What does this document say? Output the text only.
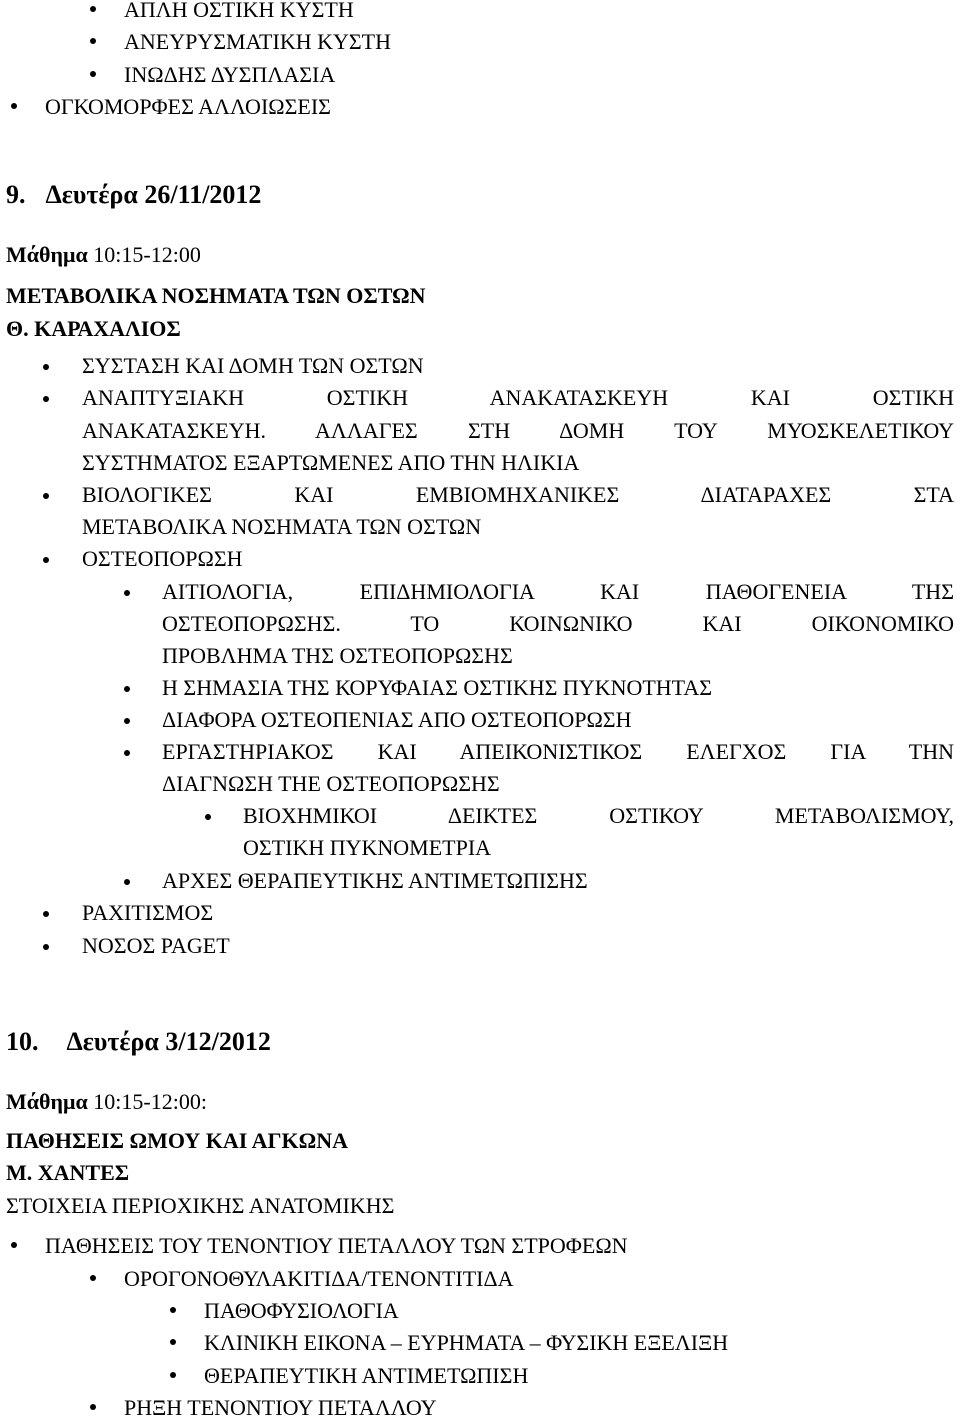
ΑΠΛΗ ΟΣΤΙΚΗ ΚΥΣΤΗ
ΑΝΕΥΡΥΣΜΑΤΙΚΗ ΚΥΣΤΗ
ΙΝΩΔΗΣ ΔΥΣΠΛΑΣΙΑ
ΟΓΚΟΜΟΡΦΕΣ ΑΛΛΟΙΩΣΕΙΣ
9. Δευτέρα 26/11/2012
Μάθημα 10:15-12:00
ΜΕΤΑΒΟΛΙΚΑ ΝΟΣΗΜΑΤΑ ΤΩΝ ΟΣΤΩΝ
Θ. ΚΑΡΑΧΑΛΙΟΣ
ΣΥΣΤΑΣΗ ΚΑΙ ΔΟΜΗ ΤΩΝ ΟΣΤΩΝ
ΑΝΑΠΤΥΞΙΑΚΗ ΟΣΤΙΚΗ ΑΝΑΚΑΤΑΣΚΕΥΗ ΚΑΙ ΟΣΤΙΚΗ
ΑΝΑΚΑΤΑΣΚΕΥΗ. ΑΛΛΑΓΕΣ ΣΤΗ ΔΟΜΗ ΤΟΥ ΜΥΟΣΚΕΛΕΤΙΚΟΥ
ΣΥΣΤΗΜΑΤΟΣ ΕΞΑΡΤΩΜΕΝΕΣ ΑΠΟ ΤΗΝ ΗΛΙΚΙΑ
ΒΙΟΛΟΓΙΚΕΣ ΚΑΙ ΕΜΒΙΟΜΗΧΑΝΙΚΕΣ ΔΙΑΤΑΡΑΧΕΣ ΣΤΑ
ΜΕΤΑΒΟΛΙΚΑ ΝΟΣΗΜΑΤΑ ΤΩΝ ΟΣΤΩΝ
ΟΣΤΕΟΠΟΡΩΣΗ
ΑΙΤΙΟΛΟΓΙΑ, ΕΠΙΔΗΜΙΟΛΟΓΙΑ ΚΑΙ ΠΑΘΟΓΕΝΕΙΑ ΤΗΣ
ΟΣΤΕΟΠΟΡΩΣΗΣ. ΤΟ ΚΟΙΝΩΝΙΚΟ ΚΑΙ ΟΙΚΟΝΟΜΙΚΟ
ΠΡΟΒΛΗΜΑ ΤΗΣ ΟΣΤΕΟΠΟΡΩΣΗΣ
Η ΣΗΜΑΣΙΑ ΤΗΣ ΚΟΡΥΦΑΙΑΣ ΟΣΤΙΚΗΣ ΠΥΚΝΟΤΗΤΑΣ
ΔΙΑΦΟΡΑ ΟΣΤΕΟΠΕΝΙΑΣ ΑΠΟ ΟΣΤΕΟΠΟΡΩΣΗ
ΕΡΓΑΣΤΗΡΙΑΚΟΣ ΚΑΙ ΑΠΕΙΚΟΝΙΣΤΙΚΟΣ ΕΛΕΓΧΟΣ ΓΙΑ ΤΗΝ
ΔΙΑΓΝΩΣΗ ΤΗΕ ΟΣΤΕΟΠΟΡΩΣΗΣ
ΒΙΟΧΗΜΙΚΟΙ ΔΕΙΚΤΕΣ ΟΣΤΙΚΟΥ ΜΕΤΑΒΟΛΙΣΜΟΥ,
ΟΣΤΙΚΗ ΠΥΚΝΟΜΕΤΡΙΑ
ΑΡΧΕΣ ΘΕΡΑΠΕΥΤΙΚΗΣ ΑΝΤΙΜΕΤΩΠΙΣΗΣ
ΡΑΧΙΤΙΣΜΟΣ
ΝΟΣΟΣ PAGET
10. Δευτέρα 3/12/2012
Μάθημα 10:15-12:00:
ΠΑΘΗΣΕΙΣ ΩΜΟΥ ΚΑΙ ΑΓΚΩΝΑ
Μ. ΧΑΝΤΕΣ
ΣΤΟΙΧΕΙΑ ΠΕΡΙΟΧΙΚΗΣ ΑΝΑΤΟΜΙΚΗΣ
ΠΑΘΗΣΕΙΣ ΤΟΥ ΤΕΝΟΝΤΙΟΥ ΠΕΤΑΛΛΟΥ ΤΩΝ ΣΤΡΟΦΕΩΝ
ΟΡΟΓΟΝΟΘΥΛΑΚΙΤΙΔΑ/ΤΕΝΟΝΤΙΤΙΔΑ
ΠΑΘΟΦΥΣΙΟΛΟΓΙΑ
ΚΛΙΝΙΚΗ ΕΙΚΟΝΑ – ΕΥΡΗΜΑΤΑ – ΦΥΣΙΚΗ ΕΞΕΛΙΞΗ
ΘΕΡΑΠΕΥΤΙΚΗ ΑΝΤΙΜΕΤΩΠΙΣΗ
ΡΗΞΗ ΤΕΝΟΝΤΙΟΥ ΠΕΤΑΛΛΟΥ
